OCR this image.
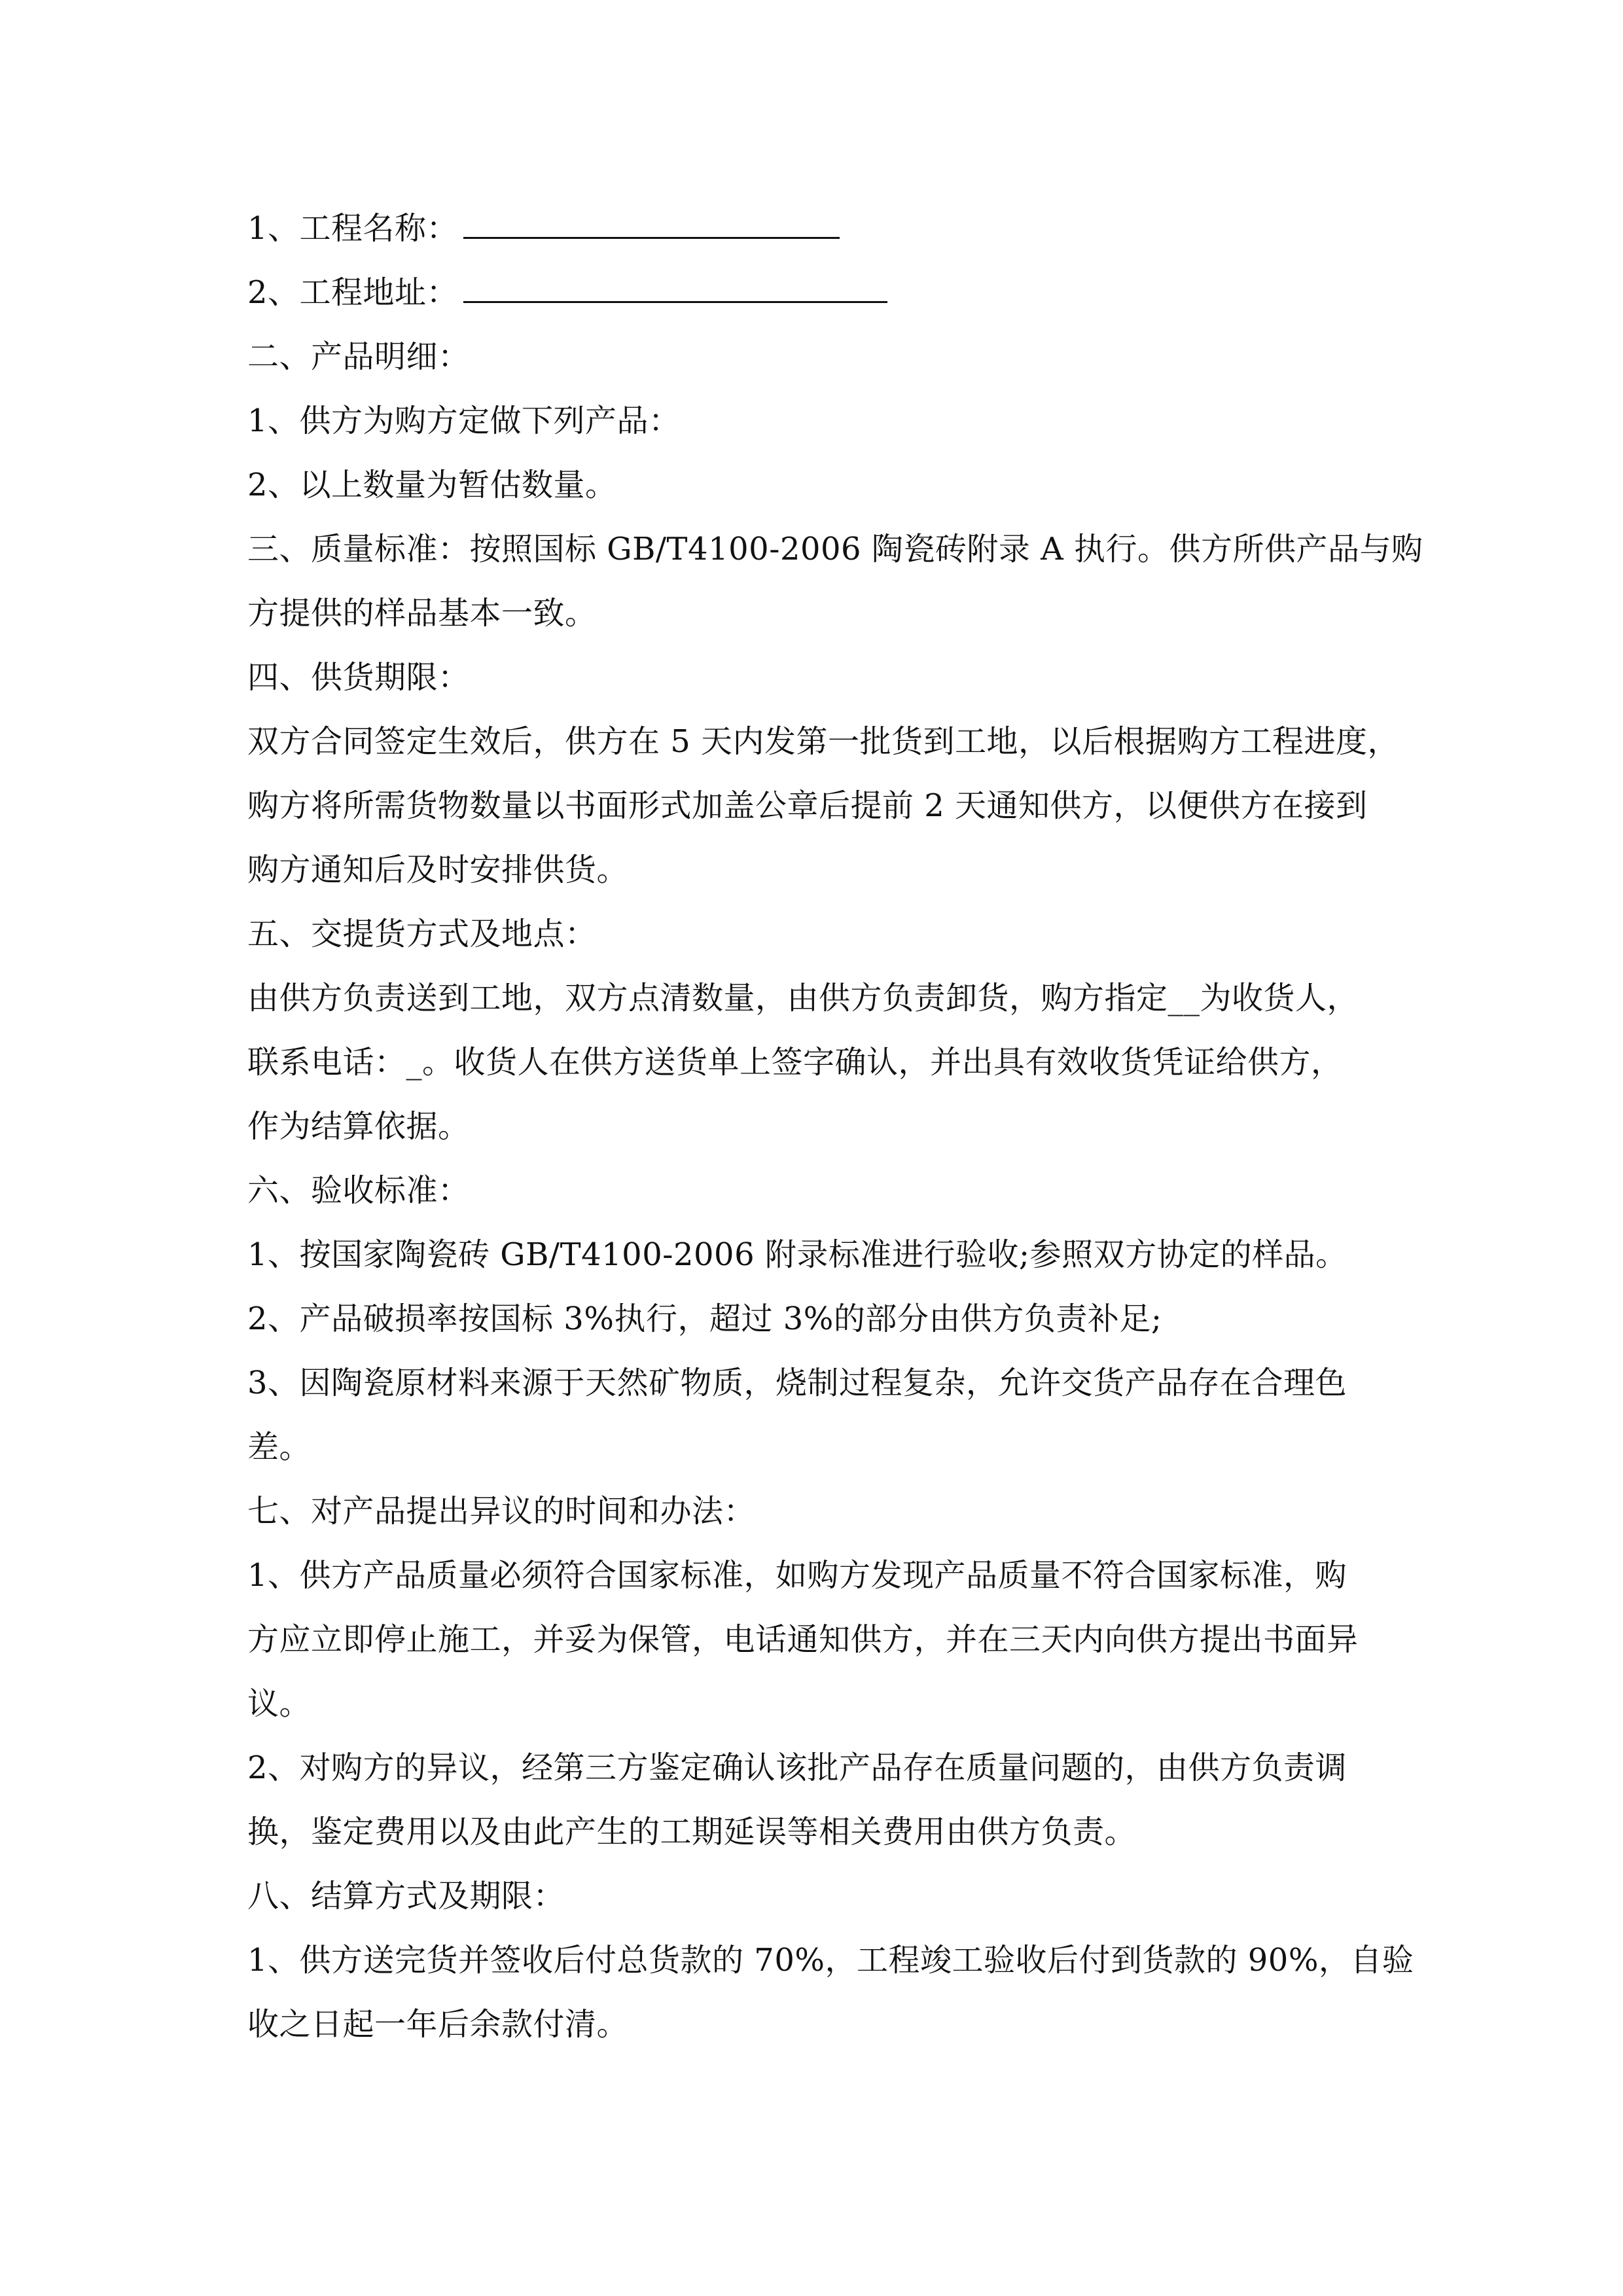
1、工程名称：
2、工程地址：
二、产品明细：
1、供方为购方定做下列产品：
2、以上数量为暂估数量。
三、质量标准：按照国标 GB/T4100-2006 陶瓷砖附录 A 执行。供方所供产品与购
方提供的样品基本一致。
四、供货期限：
双方合同签定生效后，供方在 5 天内发第一批货到工地，以后根据购方工程进度，
购方将所需货物数量以书面形式加盖公章后提前 2 天通知供方，以便供方在接到
购方通知后及时安排供货。
五、交提货方式及地点：
由供方负责送到工地，双方点清数量，由供方负责卸货，购方指定__为收货人，
联系电话：_。收货人在供方送货单上签字确认，并出具有效收货凭证给供方，
作为结算依据。
六、验收标准：
1、按国家陶瓷砖 GB/T4100-2006 附录标准进行验收;参照双方协定的样品。
2、产品破损率按国标 3%执行，超过 3%的部分由供方负责补足;
3、因陶瓷原材料来源于天然矿物质，烧制过程复杂，允许交货产品存在合理色
差。
七、对产品提出异议的时间和办法：
1、供方产品质量必须符合国家标准，如购方发现产品质量不符合国家标准，购
方应立即停止施工，并妥为保管，电话通知供方，并在三天内向供方提出书面异
议。
2、对购方的异议，经第三方鉴定确认该批产品存在质量问题的，由供方负责调
换，鉴定费用以及由此产生的工期延误等相关费用由供方负责。
八、结算方式及期限：
1、供方送完货并签收后付总货款的 70%，工程竣工验收后付到货款的 90%，自验
收之日起一年后余款付清。
